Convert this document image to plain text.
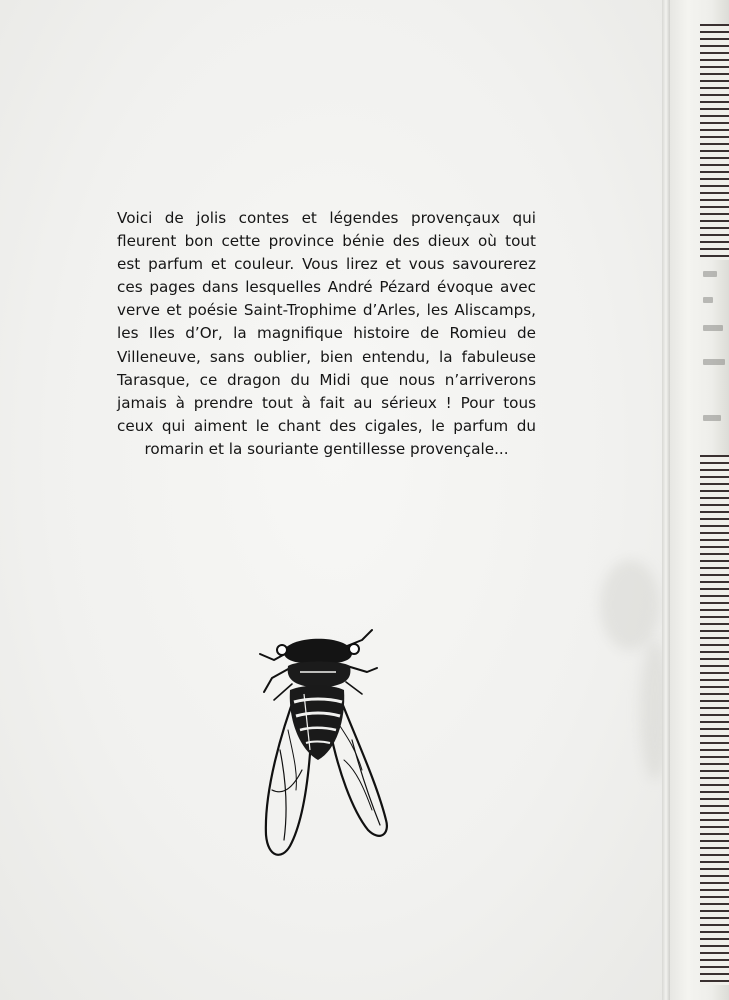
Voici de jolis contes et légendes provençaux qui fleurent bon cette province bénie des dieux où tout est parfum et couleur. Vous lirez et vous savourerez ces pages dans lesquelles André Pézard évoque avec verve et poésie Saint-Trophime d’Arles, les Aliscamps, les Iles d’Or, la magnifique histoire de Romieu de Villeneuve, sans oublier, bien entendu, la fabuleuse Tarasque, ce dragon du Midi que nous n’arriverons jamais à prendre tout à fait au sérieux ! Pour tous ceux qui aiment le chant des cigales, le parfum du romarin et la souriante gentillesse provençale...
